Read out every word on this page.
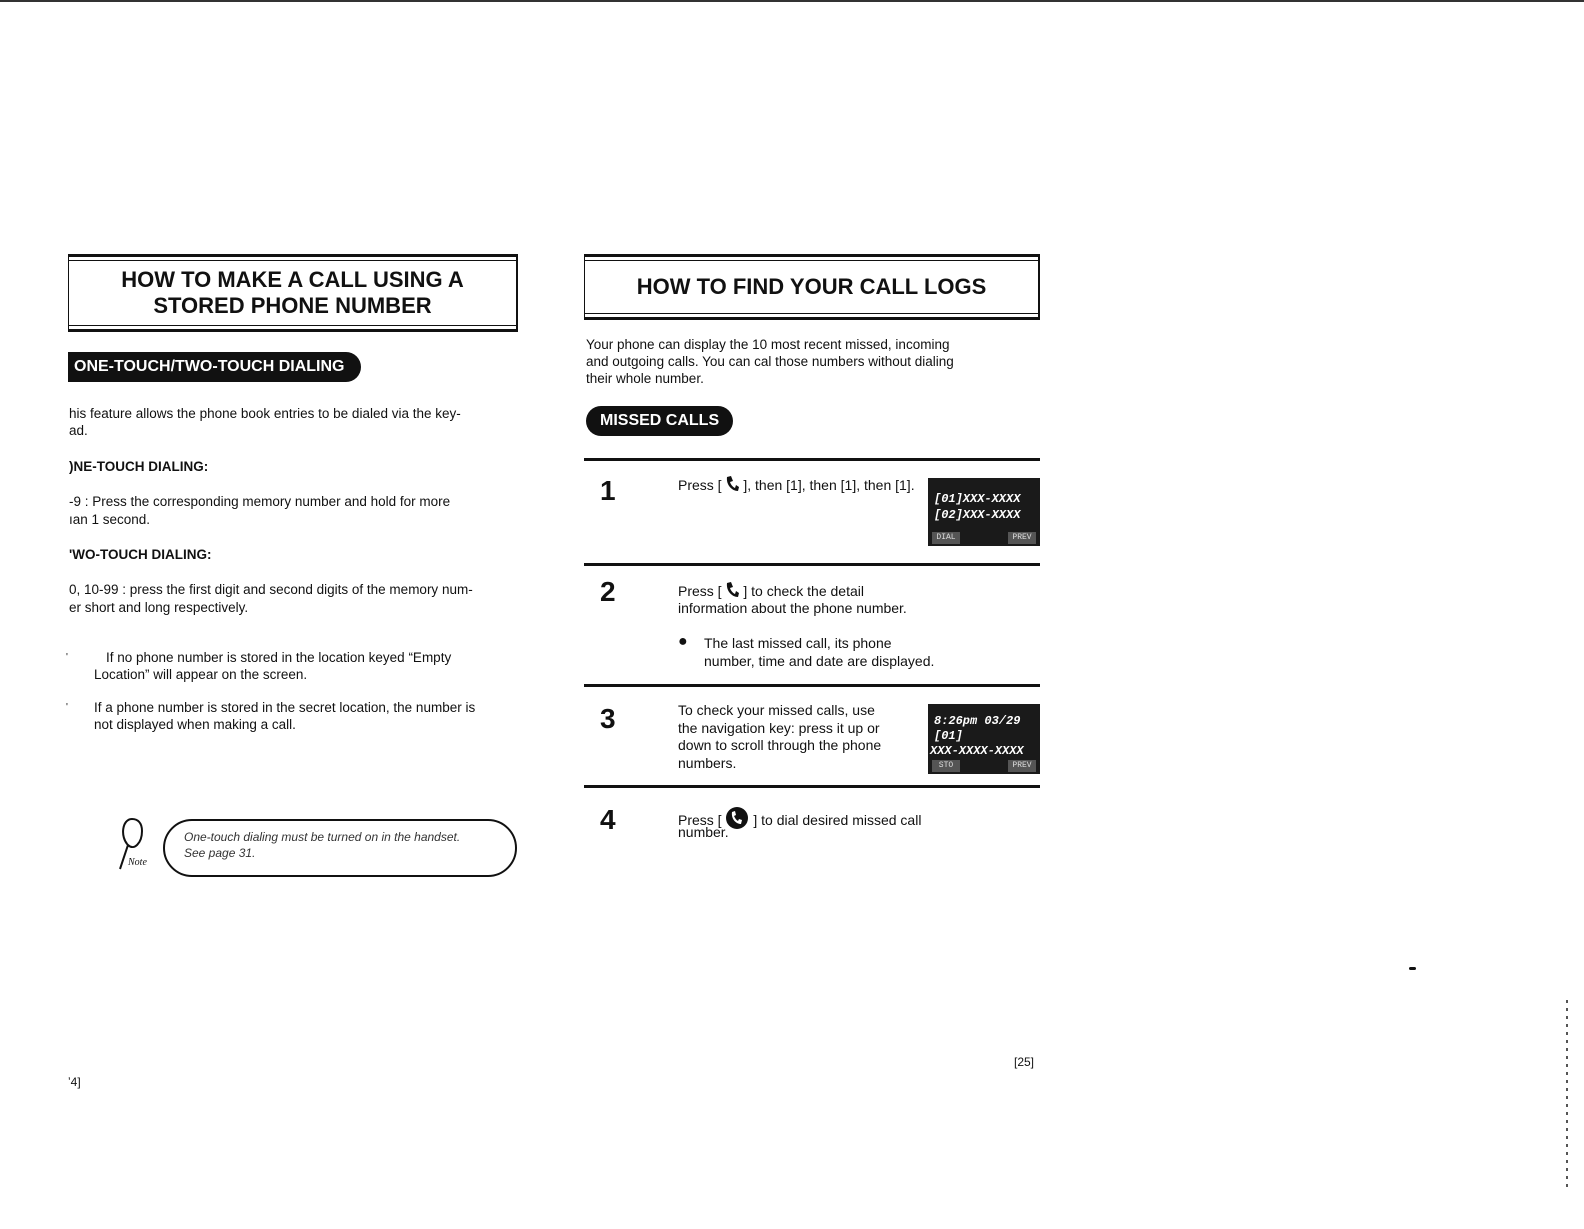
HOW TO MAKE A CALL USING A
STORED PHONE NUMBER
ONE-TOUCH/TWO-TOUCH DIALING
his feature allows the phone book entries to be dialed via the key-
ad.
)NE-TOUCH DIALING:
-9 : Press the corresponding memory number and hold for more
ıan 1 second.
'WO-TOUCH DIALING:
0, 10-99 : press the first digit and second digits of the memory num-
er short and long respectively.
'	If no phone number is stored in the location keyed “Empty
Location” will appear on the screen.
' If a phone number is stored in the secret location, the number is
not displayed when making a call.
Note
One-touch dialing must be turned on in the handset.
See page 31.
ʼ4]
HOW TO FIND YOUR CALL LOGS
Your phone can display the 10 most recent missed, incoming
and outgoing calls. You can cal those numbers without dialing
their whole number.
MISSED CALLS
1	Press [ ], then [1], then [1], then [1].
[01]XXX-XXXX
[02]XXX-XXXX
DIAL	PREV
2	Press [ ] to check the detail
information about the phone number.
● The last missed call, its phone
number, time and date are displayed.
3	To check your missed calls, use
the navigation key: press it up or
down to scroll through the phone
numbers.
8:26pm 03/29
[01]
XXX-XXXX-XXXX
STO	PREV
4	Press [ ] to dial desired missed call
number.
[25]
